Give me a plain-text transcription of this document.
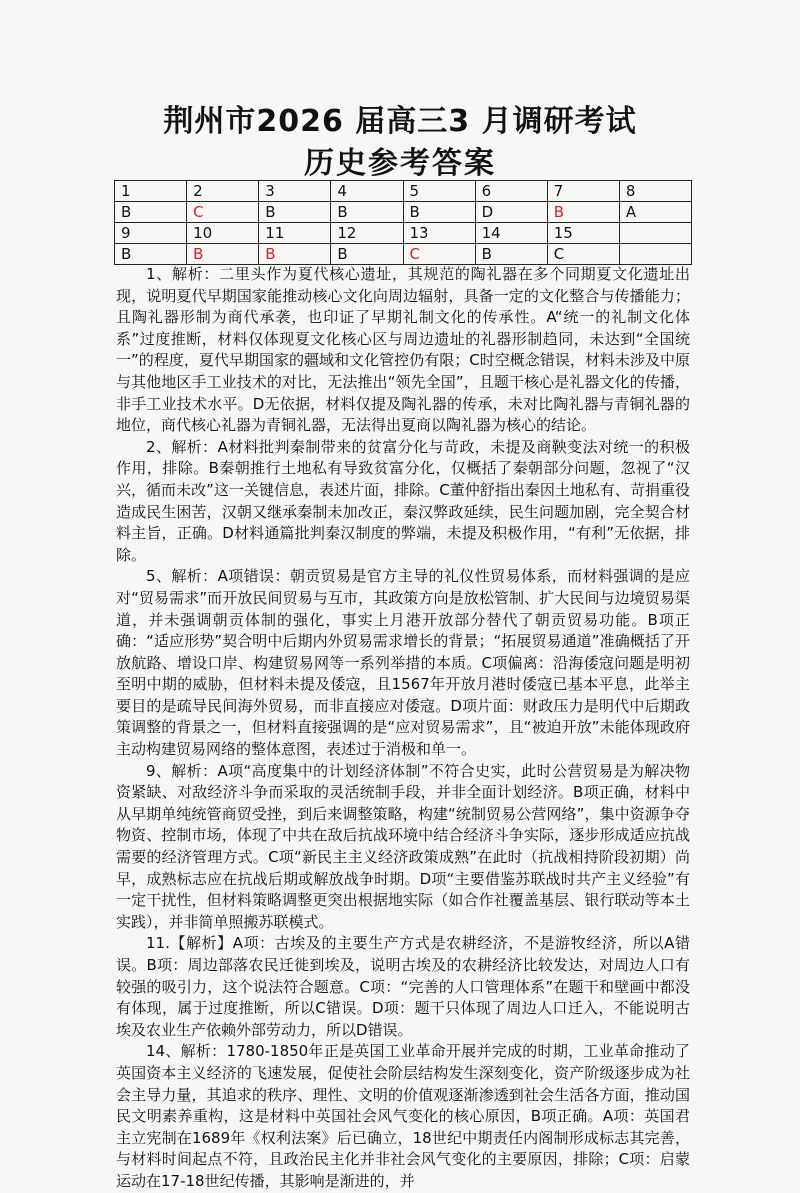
荆州市2026 届高三3 月调研考试
历史参考答案
1	2	3	4	5	6	7	8
B	C	B	B	B	D	B	A
9	10	11	12	13	14	15	
B	B	B	B	C	B	C	

1、解析：二里头作为夏代核心遗址，其规范的陶礼器在多个同期夏文化遗址出现，说明夏代早期国家能推动核心文化向周边辐射，具备一定的文化整合与传播能力；且陶礼器形制为商代承袭，也印证了早期礼制文化的传承性。A“统一的礼制文化体系”过度推断，材料仅体现夏文化核心区与周边遗址的礼器形制趋同，未达到“全国统一”的程度，夏代早期国家的疆域和文化管控仍有限；C时空概念错误，材料未涉及中原与其他地区手工业技术的对比，无法推出“领先全国”，且题干核心是礼器文化的传播，非手工业技术水平。D无依据，材料仅提及陶礼器的传承，未对比陶礼器与青铜礼器的地位，商代核心礼器为青铜礼器，无法得出夏商以陶礼器为核心的结论。

2、解析：A材料批判秦制带来的贫富分化与苛政，未提及商鞅变法对统一的积极作用，排除。B秦朝推行土地私有导致贫富分化，仅概括了秦朝部分问题，忽视了“汉兴，循而未改”这一关键信息，表述片面，排除。C董仲舒指出秦因土地私有、苛捐重役造成民生困苦，汉朝又继承秦制未加改正，秦汉弊政延续，民生问题加剧，完全契合材料主旨，正确。D材料通篇批判秦汉制度的弊端，未提及积极作用，“有利”无依据，排除。

5、解析：A项错误：朝贡贸易是官方主导的礼仪性贸易体系，而材料强调的是应对“贸易需求”而开放民间贸易与互市，其政策方向是放松管制、扩大民间与边境贸易渠道，并未强调朝贡体制的强化，事实上月港开放部分替代了朝贡贸易功能。B项正确：“适应形势”契合明中后期内外贸易需求增长的背景；“拓展贸易通道”准确概括了开放航路、增设口岸、构建贸易网等一系列举措的本质。C项偏离：沿海倭寇问题是明初至明中期的威胁，但材料未提及倭寇，且1567年开放月港时倭寇已基本平息，此举主要目的是疏导民间海外贸易，而非直接应对倭寇。D项片面：财政压力是明代中后期政策调整的背景之一，但材料直接强调的是“应对贸易需求”，且“被迫开放”未能体现政府主动构建贸易网络的整体意图，表述过于消极和单一。

9、解析：A项“高度集中的计划经济体制”不符合史实，此时公营贸易是为解决物资紧缺、对敌经济斗争而采取的灵活统制手段，并非全面计划经济。B项正确，材料中从早期单纯统管商贸受挫，到后来调整策略，构建“统制贸易公营网络”，集中资源争夺物资、控制市场，体现了中共在敌后抗战环境中结合经济斗争实际，逐步形成适应抗战需要的经济管理方式。C项“新民主主义经济政策成熟”在此时（抗战相持阶段初期）尚早，成熟标志应在抗战后期或解放战争时期。D项“主要借鉴苏联战时共产主义经验”有一定干扰性，但材料策略调整更突出根据地实际（如合作社覆盖基层、银行联动等本土实践），并非简单照搬苏联模式。

11.【解析】A项：古埃及的主要生产方式是农耕经济，不是游牧经济，所以A错误。B项：周边部落农民迁徙到埃及，说明古埃及的农耕经济比较发达，对周边人口有较强的吸引力，这个说法符合题意。C项：“完善的人口管理体系”在题干和壁画中都没有体现，属于过度推断，所以C错误。D项：题干只体现了周边人口迁入，不能说明古埃及农业生产依赖外部劳动力，所以D错误。

14、解析：1780-1850年正是英国工业革命开展并完成的时期，工业革命推动了英国资本主义经济的飞速发展，促使社会阶层结构发生深刻变化，资产阶级逐步成为社会主导力量，其追求的秩序、理性、文明的价值观逐渐渗透到社会生活各方面，推动国民文明素养重构，这是材料中英国社会风气变化的核心原因，B项正确。A项：英国君主立宪制在1689年《权利法案》后已确立，18世纪中期责任内阁制形成标志其完善，与材料时间起点不符，且政治民主化并非社会风气变化的主要原因，排除；C项：启蒙运动在17-18世纪传播，其影响是渐进的，并
